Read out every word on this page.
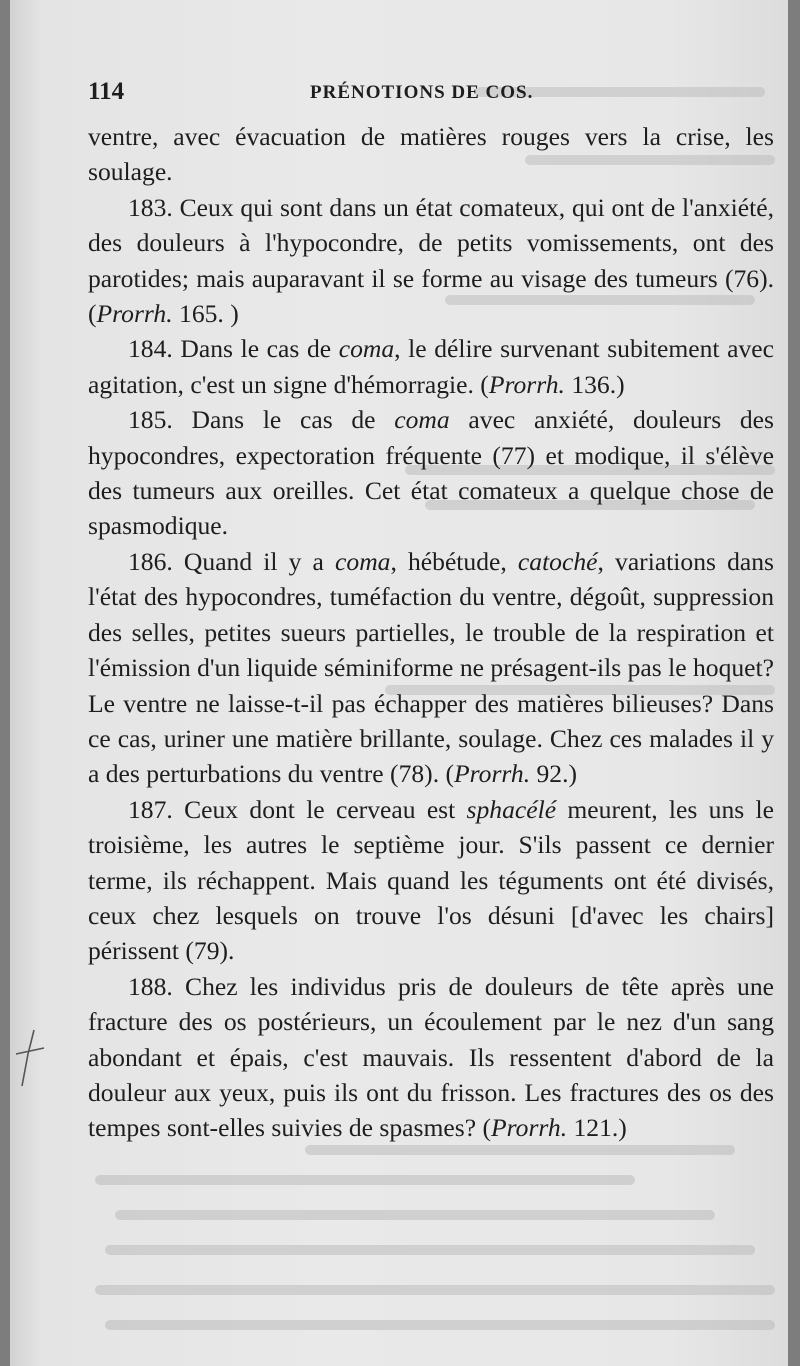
114	PRÉNOTIONS DE COS.

ventre, avec évacuation de matières rouges vers la crise, les soulage.

183. Ceux qui sont dans un état comateux, qui ont de l'anxiété, des douleurs à l'hypocondre, de petits vomissements, ont des parotides; mais auparavant il se forme au visage des tumeurs (76). (Prorrh. 165. )

184. Dans le cas de coma, le délire survenant subitement avec agitation, c'est un signe d'hémorragie. (Prorrh. 136.)

185. Dans le cas de coma avec anxiété, douleurs des hypocondres, expectoration fréquente (77) et modique, il s'élève des tumeurs aux oreilles. Cet état comateux a quelque chose de spasmodique.

186. Quand il y a coma, hébétude, catoché, variations dans l'état des hypocondres, tuméfaction du ventre, dégoût, suppression des selles, petites sueurs partielles, le trouble de la respiration et l'émission d'un liquide séminiforme ne présagent-ils pas le hoquet? Le ventre ne laisse-t-il pas échapper des matières bilieuses? Dans ce cas, uriner une matière brillante, soulage. Chez ces malades il y a des perturbations du ventre (78). (Prorrh. 92.)

187. Ceux dont le cerveau est sphacélé meurent, les uns le troisième, les autres le septième jour. S'ils passent ce dernier terme, ils réchappent. Mais quand les téguments ont été divisés, ceux chez lesquels on trouve l'os désuni [d'avec les chairs] périssent (79).

188. Chez les individus pris de douleurs de tête après une fracture des os postérieurs, un écoulement par le nez d'un sang abondant et épais, c'est mauvais. Ils ressentent d'abord de la douleur aux yeux, puis ils ont du frisson. Les fractures des os des tempes sont-elles suivies de spasmes? (Prorrh. 121.)
